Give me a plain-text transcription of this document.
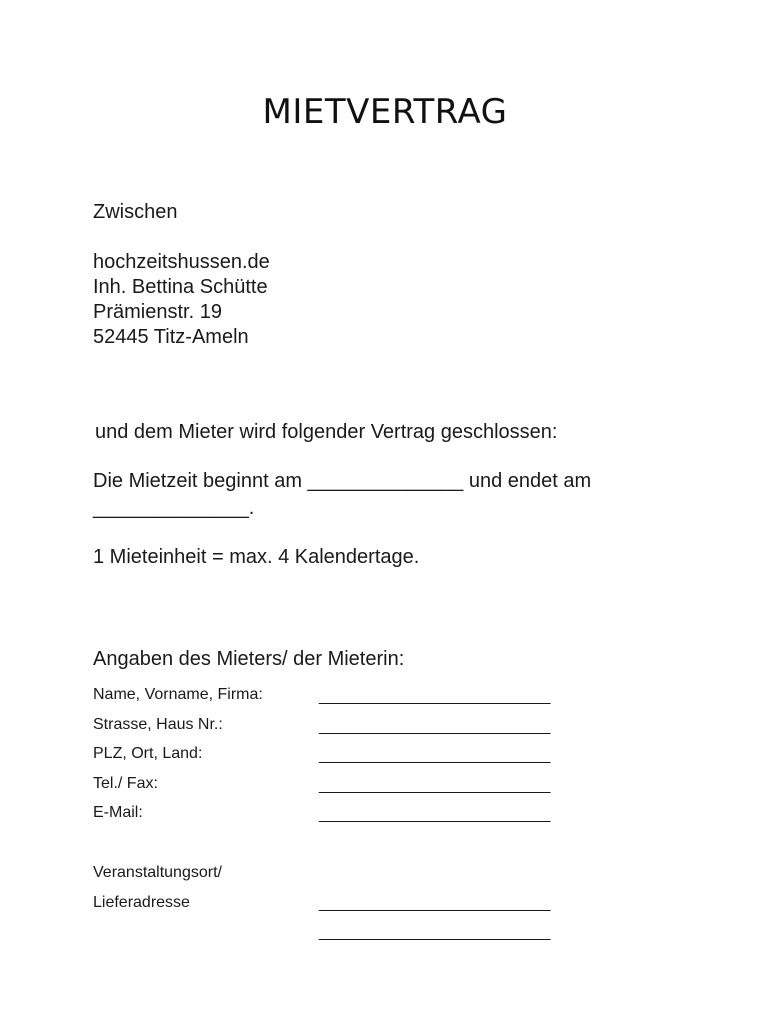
MIETVERTRAG
Zwischen
hochzeitshussen.de
Inh. Bettina Schütte
Prämienstr. 19
52445 Titz-Ameln
und dem Mieter wird folgender Vertrag geschlossen:
Die Mietzeit beginnt am ______________ und endet am
______________.
1 Mieteinheit = max. 4 Kalendertage.
Angaben des Mieters/ der Mieterin:
Name, Vorname, Firma:	__________________________
Strasse, Haus Nr.:	__________________________
PLZ, Ort, Land:	__________________________
Tel./ Fax:	__________________________
E-Mail:	__________________________
Veranstaltungsort/
Lieferadresse	__________________________
__________________________
